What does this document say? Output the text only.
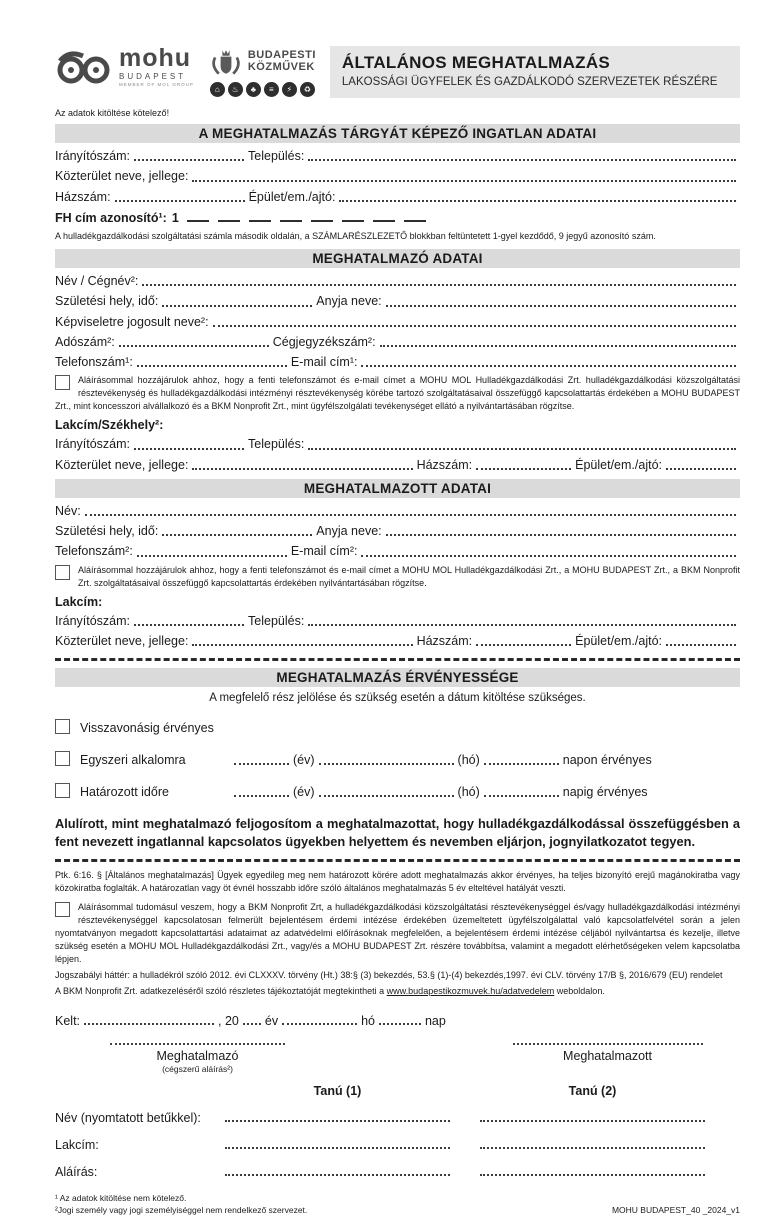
mohu
BUDAPEST
MEMBER OF MOL GROUP
BUDAPESTI
KÖZMŰVEK
⌂	♨	♣	≡	⚡	♻
ÁLTALÁNOS MEGHATALMAZÁS
LAKOSSÁGI ÜGYFELEK ÉS GAZDÁLKODÓ SZERVEZETEK RÉSZÉRE
Az adatok kitöltése kötelező!
A MEGHATALMAZÁS TÁRGYÁT KÉPEZŐ INGATLAN ADATAI
Irányítószám:	Település:
Közterület neve, jellege:
Házszám:	Épület/em./ajtó:
FH cím azonosító¹: 1
A hulladékgazdálkodási szolgáltatási számla második oldalán, a SZÁMLARÉSZLEZETŐ blokkban feltüntetett 1-gyel kezdődő, 9 jegyű azonosító szám.
MEGHATALMAZÓ ADATAI
Név / Cégnév²:
Születési hely, idő:	Anyja neve:
Képviseletre jogosult neve²:
Adószám²:	Cégjegyzékszám²:
Telefonszám¹:	E-mail cím¹:
Aláírásommal hozzájárulok ahhoz, hogy a fenti telefonszámot és e-mail címet a MOHU MOL Hulladékgazdálkodási Zrt. hulladékgazdálkodási közszolgáltatási résztevékenység és hulladékgazdálkodási intézményi résztevékenység körébe tartozó szolgáltatásaival összefüggő kapcsolattartás érdekében a MOHU BUDAPEST Zrt., mint koncesszori alvállalkozó és a BKM Nonprofit Zrt., mint ügyfélszolgálati tevékenységet ellátó a nyilvántartásában rögzítse.
Lakcím/Székhely²:
Irányítószám:	Település:
Közterület neve, jellege:	Házszám:	Épület/em./ajtó:
MEGHATALMAZOTT ADATAI
Név:
Születési hely, idő:	Anyja neve:
Telefonszám²:	E-mail cím²:
Aláírásommal hozzájárulok ahhoz, hogy a fenti telefonszámot és e-mail címet a MOHU MOL Hulladékgazdálkodási Zrt., a MOHU BUDAPEST Zrt., a BKM Nonprofit Zrt. szolgáltatásaival összefüggő kapcsolattartás érdekében nyilvántartásában rögzítse.
Lakcím:
Irányítószám:	Település:
Közterület neve, jellege:	Házszám:	Épület/em./ajtó:
MEGHATALMAZÁS ÉRVÉNYESSÉGE
A megfelelő rész jelölése és szükség esetén a dátum kitöltése szükséges.
Visszavonásig érvényes
Egyszeri alkalomra	(év)	(hó)	napon érvényes
Határozott időre	(év)	(hó)	napig érvényes
Alulírott, mint meghatalmazó feljogosítom a meghatalmazottat, hogy hulladékgazdálkodással összefüggésben a fent nevezett ingatlannal kapcsolatos ügyekben helyettem és nevemben eljárjon, jognyilatkozatot tegyen.
Ptk. 6:16. § [Általános meghatalmazás] Ügyek egyedileg meg nem határozott körére adott meghatalmazás akkor érvényes, ha teljes bizonyító erejű magánokiratba vagy közokiratba foglalták. A határozatlan vagy öt évnél hosszabb időre szóló általános meghatalmazás 5 év elteltével hatályát veszti.
Aláírásommal tudomásul veszem, hogy a BKM Nonprofit Zrt, a hulladékgazdálkodási közszolgáltatási résztevékenységgel és/vagy hulladékgazdálkodási intézményi résztevékenységgel kapcsolatosan felmerült bejelentésem érdemi intézése érdekében üzemeltetett ügyfélszolgálattal való kapcsolatfelvétel során a jelen nyomtatványon megadott kapcsolattartási adataimat az adatvédelmi előírásoknak megfelelően, a bejelentésem érdemi intézése céljából nyilvántartsa és kezelje, illetve szükség esetén a MOHU MOL Hulladékgazdálkodási Zrt., vagy/és a MOHU BUDAPEST Zrt. részére továbbítsa, valamint a megadott elérhetőségeken velem kapcsolatba lépjen.
Jogszabályi háttér: a hulladékról szóló 2012. évi CLXXXV. törvény (Ht.) 38:§ (3) bekezdés, 53.§ (1)-(4) bekezdés,1997. évi CLV. törvény 17/B §, 2016/679 (EU) rendelet
A BKM Nonprofit Zrt. adatkezeléséről szóló részletes tájékoztatóját megtekintheti a www.budapestikozmuvek.hu/adatvedelem weboldalon.
Kelt:	, 20 év	hó	nap
Meghatalmazó
(cégszerű aláírás²)
Meghatalmazott
Tanú (1)	Tanú (2)
Név (nyomtatott betűkkel):
Lakcím:
Aláírás:
¹ Az adatok kitöltése nem kötelező.
²Jogi személy vagy jogi személyiséggel nem rendelkező szervezet.	MOHU BUDAPEST_40 _2024_v1
